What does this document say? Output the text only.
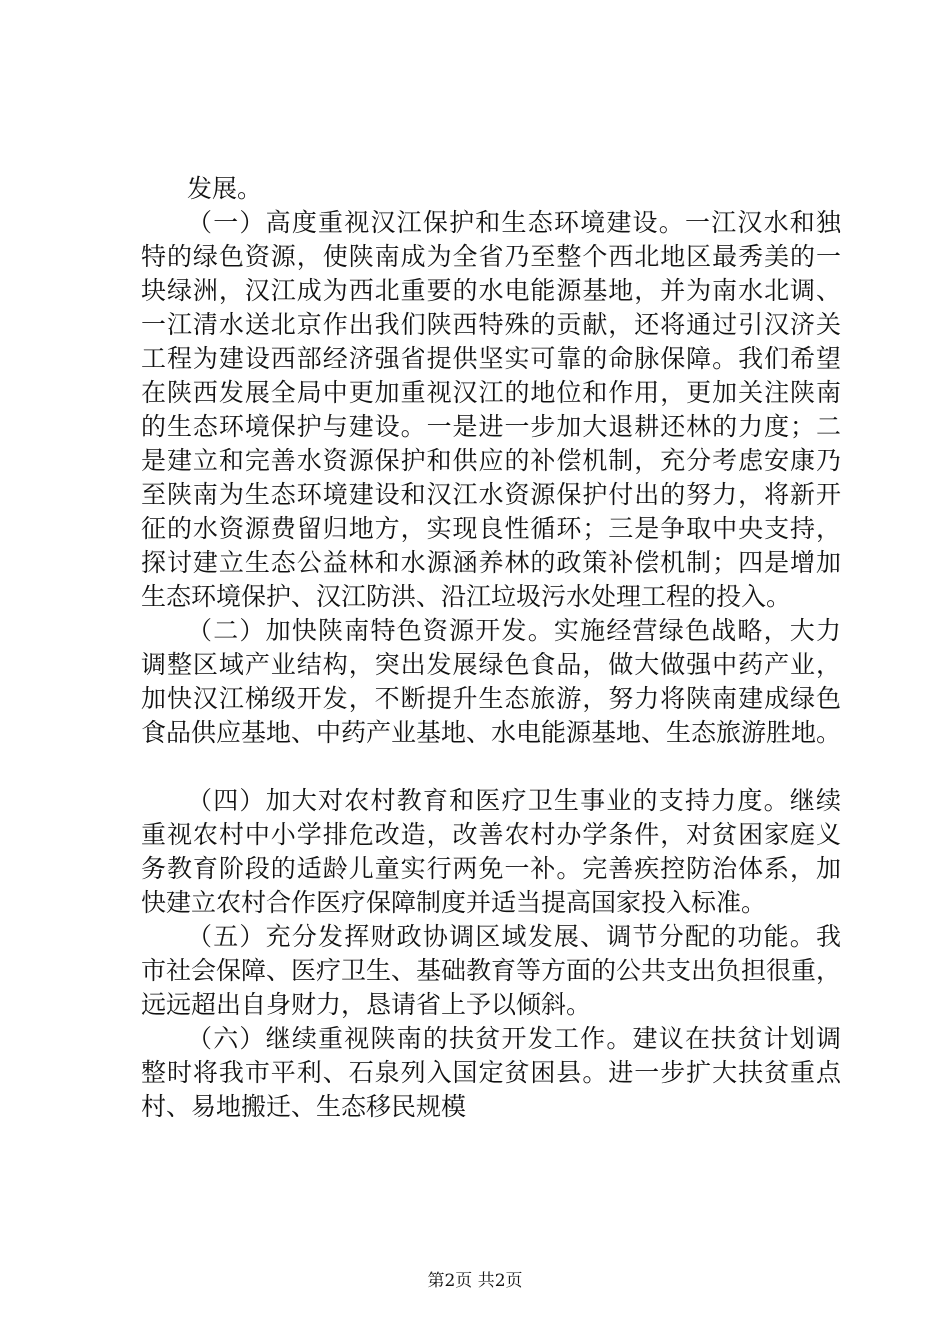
发展。
（一）高度重视汉江保护和生态环境建设。一江汉水和独
特的绿色资源，使陕南成为全省乃至整个西北地区最秀美的一
块绿洲，汉江成为西北重要的水电能源基地，并为南水北调、
一江清水送北京作出我们陕西特殊的贡献，还将通过引汉济关
工程为建设西部经济强省提供坚实可靠的命脉保障。我们希望
在陕西发展全局中更加重视汉江的地位和作用，更加关注陕南
的生态环境保护与建设。一是进一步加大退耕还林的力度；二
是建立和完善水资源保护和供应的补偿机制，充分考虑安康乃
至陕南为生态环境建设和汉江水资源保护付出的努力，将新开
征的水资源费留归地方，实现良性循环；三是争取中央支持，
探讨建立生态公益林和水源涵养林的政策补偿机制；四是增加
生态环境保护、汉江防洪、沿江垃圾污水处理工程的投入。
（二）加快陕南特色资源开发。实施经营绿色战略，大力
调整区域产业结构，突出发展绿色食品，做大做强中药产业，
加快汉江梯级开发，不断提升生态旅游，努力将陕南建成绿色
食品供应基地、中药产业基地、水电能源基地、生态旅游胜地。
（四）加大对农村教育和医疗卫生事业的支持力度。继续
重视农村中小学排危改造，改善农村办学条件，对贫困家庭义
务教育阶段的适龄儿童实行两免一补。完善疾控防治体系，加
快建立农村合作医疗保障制度并适当提高国家投入标准。
（五）充分发挥财政协调区域发展、调节分配的功能。我
市社会保障、医疗卫生、基础教育等方面的公共支出负担很重，
远远超出自身财力，恳请省上予以倾斜。
（六）继续重视陕南的扶贫开发工作。建议在扶贫计划调
整时将我市平利、石泉列入国定贫困县。进一步扩大扶贫重点
村、易地搬迁、生态移民规模
第2页 共2页
